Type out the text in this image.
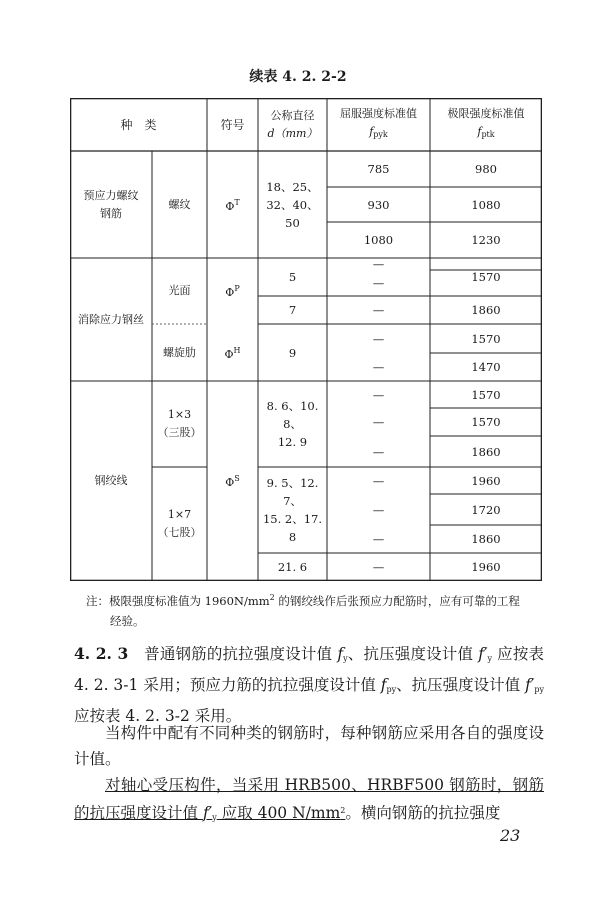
续表 4. 2. 2-2
种　类	符号
公称直径
d（mm）
屈服强度标准值
$f_{pyk}$
极限强度标准值
$f_{ptk}$
预应力螺纹
钢筋
消除应力钢丝
钢绞线
螺纹
光面
螺旋肋
1×3
（三股）
1×7
（七股）
$\Phi^T$
$\Phi^P$
$\Phi^H$
$\Phi^S$
18、25、
32、40、
50
5
7
9
8. 6、10. 8、
12. 9
9. 5、12. 7、
15. 2、17. 8
21. 6
785
930
1080
—
—
—
—
—
—
—
—
—
—
—
—
980
1080
1230
1570
1860
1570
1470
1570
1570
1860
1960
1720
1860
1960
注：极限强度标准值为 $1960N/mm^2$ 的钢绞线作后张预应力配筋时，应有可靠的工程
经验。
4. 2. 3　普通钢筋的抗拉强度设计值 $f_y$、抗压强度设计值 $f'_y$ 应按表 4. 2. 3-1 采用；预应力筋的抗拉强度设计值 $f_{py}$、抗压强度设计值 $f'_{py}$应按表 4. 2. 3-2 采用。
当构件中配有不同种类的钢筋时，每种钢筋应采用各自的强度设计值。
对轴心受压构件，当采用 HRB500、HRBF500 钢筋时，钢筋的抗压强度设计值 $f'_y$ 应取 400 $N/mm^2$。横向钢筋的抗拉强度
23
